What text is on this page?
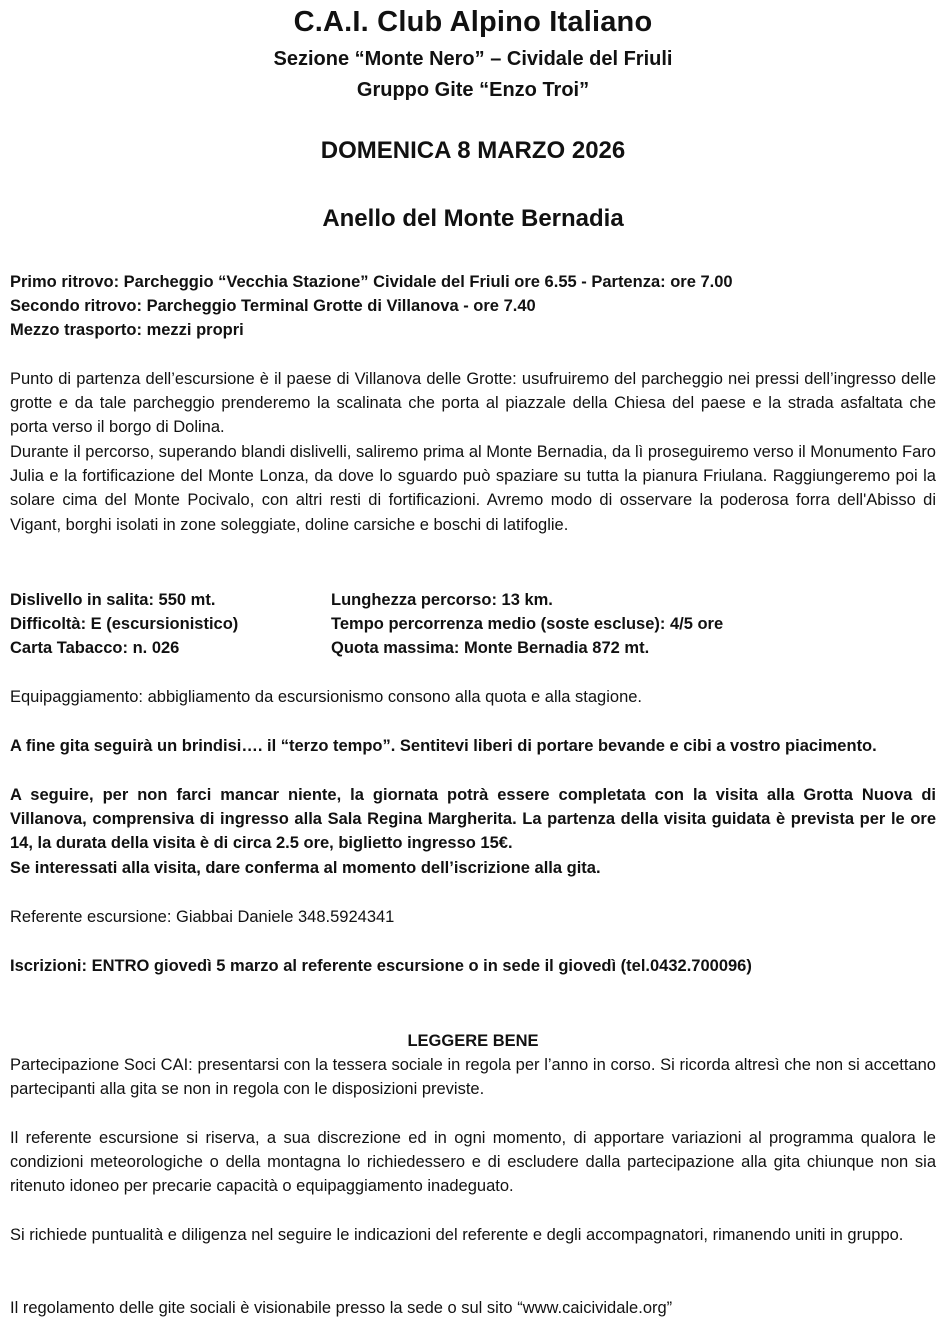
C.A.I. Club Alpino Italiano
Sezione “Monte Nero” – Cividale del Friuli
Gruppo Gite “Enzo Troi”
DOMENICA 8 MARZO 2026
Anello del Monte Bernadia
Primo ritrovo: Parcheggio “Vecchia Stazione” Cividale del Friuli ore 6.55 - Partenza: ore 7.00
Secondo ritrovo: Parcheggio Terminal Grotte di Villanova - ore 7.40
Mezzo trasporto: mezzi propri
Punto di partenza dell’escursione è il paese di Villanova delle Grotte: usufruiremo del parcheggio nei pressi dell’ingresso delle grotte e da tale parcheggio prenderemo la scalinata che porta al piazzale della Chiesa del paese e la strada asfaltata che porta verso il borgo di Dolina.
Durante il percorso, superando blandi dislivelli, saliremo prima al Monte Bernadia, da lì proseguiremo verso il Monumento Faro Julia e la fortificazione del Monte Lonza, da dove lo sguardo può spaziare su tutta la pianura Friulana. Raggiungeremo poi la solare cima del Monte Pocivalo, con altri resti di fortificazioni. Avremo modo di osservare la poderosa forra dell'Abisso di Vigant, borghi isolati in zone soleggiate, doline carsiche e boschi di latifoglie.
Dislivello in salita: 550 mt.
Difficoltà: E (escursionistico)
Carta Tabacco: n. 026
Lunghezza percorso: 13 km.
Tempo percorrenza medio (soste escluse): 4/5 ore
Quota massima: Monte Bernadia 872 mt.
Equipaggiamento: abbigliamento da escursionismo consono alla quota e alla stagione.
A fine gita seguirà un brindisi…. il “terzo tempo”. Sentitevi liberi di portare bevande e cibi a vostro piacimento.
A seguire, per non farci mancar niente, la giornata potrà essere completata con la visita alla Grotta Nuova di Villanova, comprensiva di ingresso alla Sala Regina Margherita. La partenza della visita guidata è prevista per le ore 14, la durata della visita è di circa 2.5 ore, biglietto ingresso 15€.
Se interessati alla visita, dare conferma al momento dell’iscrizione alla gita.
Referente escursione: Giabbai Daniele 348.5924341
Iscrizioni: ENTRO giovedì 5 marzo al referente escursione o in sede il giovedì (tel.0432.700096)
LEGGERE BENE
Partecipazione Soci CAI: presentarsi con la tessera sociale in regola per l’anno in corso. Si ricorda altresì che non si accettano partecipanti alla gita se non in regola con le disposizioni previste.
Il referente escursione si riserva, a sua discrezione ed in ogni momento, di apportare variazioni al programma qualora le condizioni meteorologiche o della montagna lo richiedessero e di escludere dalla partecipazione alla gita chiunque non sia ritenuto idoneo per precarie capacità o equipaggiamento inadeguato.
Si richiede puntualità e diligenza nel seguire le indicazioni del referente e degli accompagnatori, rimanendo uniti in gruppo.
Il regolamento delle gite sociali è visionabile presso la sede o sul sito “www.caicividale.org”
